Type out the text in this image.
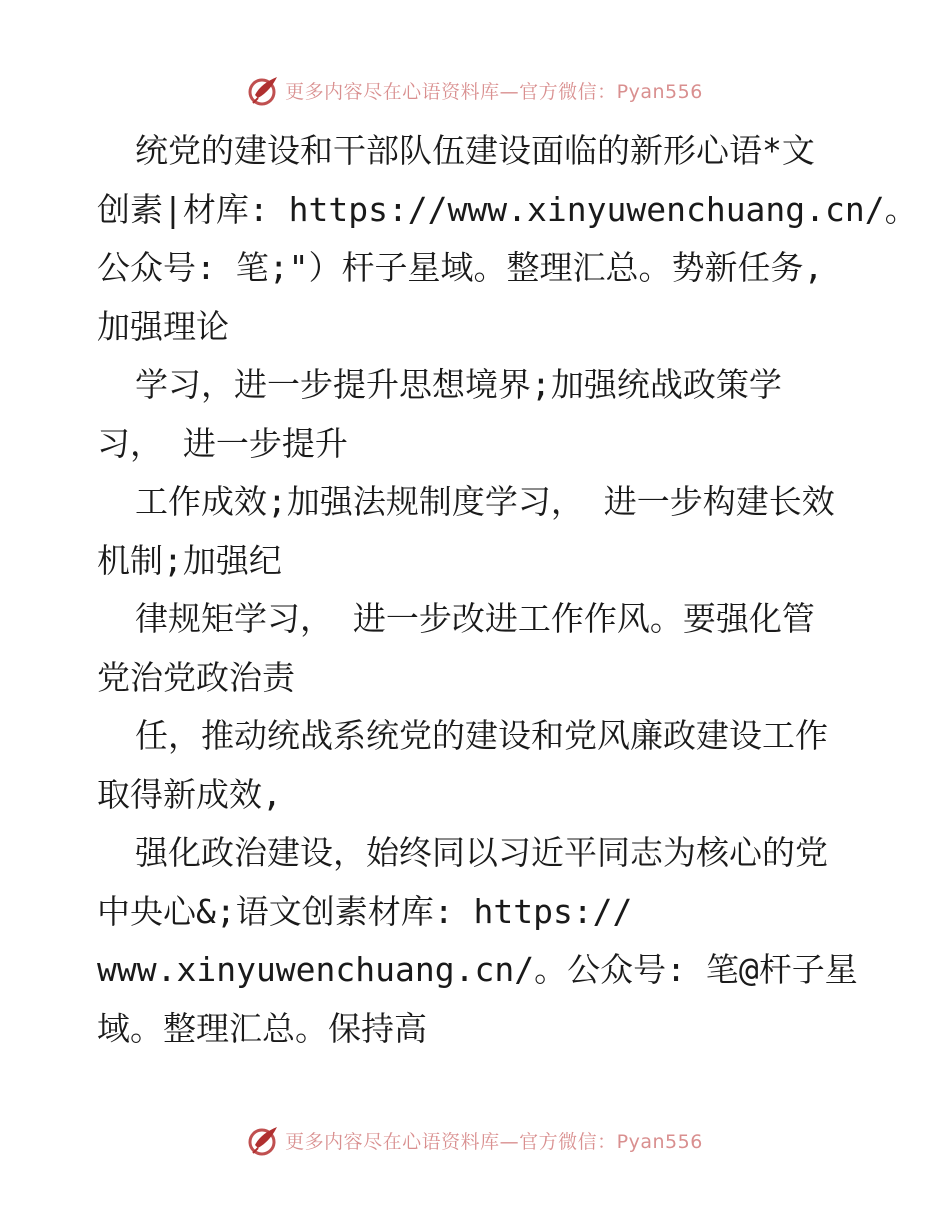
更多内容尽在心语资料库—官方微信：Pyan556
统党的建设和干部队伍建设面临的新形心语*文
创素|材库: https://www.xinyuwenchuang.cn/。
公众号: 笔;"）杆子星域。整理汇总。势新任务,
加强理论
学习，进一步提升思想境界;加强统战政策学
习， 进一步提升
工作成效;加强法规制度学习， 进一步构建长效
机制;加强纪
律规矩学习， 进一步改进工作作风。要强化管
党治党政治责
任，推动统战系统党的建设和党风廉政建设工作
取得新成效,
强化政治建设，始终同以习近平同志为核心的党
中央心&;语文创素材库: https://
www.xinyuwenchuang.cn/。公众号: 笔@杆子星
域。整理汇总。保持高
更多内容尽在心语资料库—官方微信：Pyan556
